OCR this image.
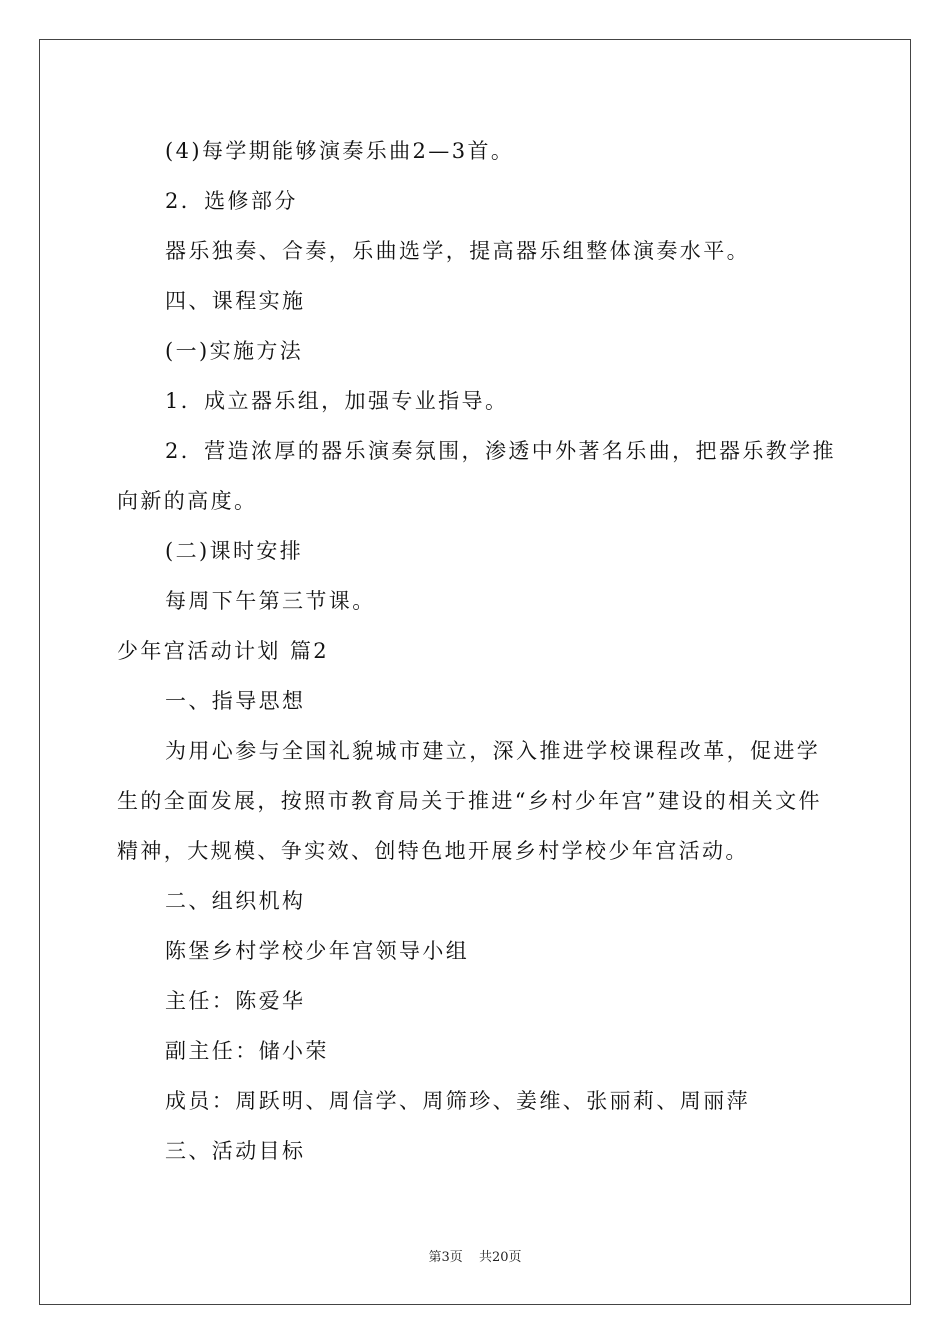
(4)每学期能够演奏乐曲2—3首。

2．选修部分

器乐独奏、合奏，乐曲选学，提高器乐组整体演奏水平。

四、课程实施

(一)实施方法

1．成立器乐组，加强专业指导。

2．营造浓厚的器乐演奏氛围，渗透中外著名乐曲，把器乐教学推向新的高度。

(二)课时安排

每周下午第三节课。

少年宫活动计划 篇2

一、指导思想

为用心参与全国礼貌城市建立，深入推进学校课程改革，促进学生的全面发展，按照市教育局关于推进“乡村少年宫”建设的相关文件精神，大规模、争实效、创特色地开展乡村学校少年宫活动。

二、组织机构

陈堡乡村学校少年宫领导小组

主任：陈爱华

副主任：储小荣

成员：周跃明、周信学、周筛珍、姜维、张丽莉、周丽萍

三、活动目标

第3页 共20页
